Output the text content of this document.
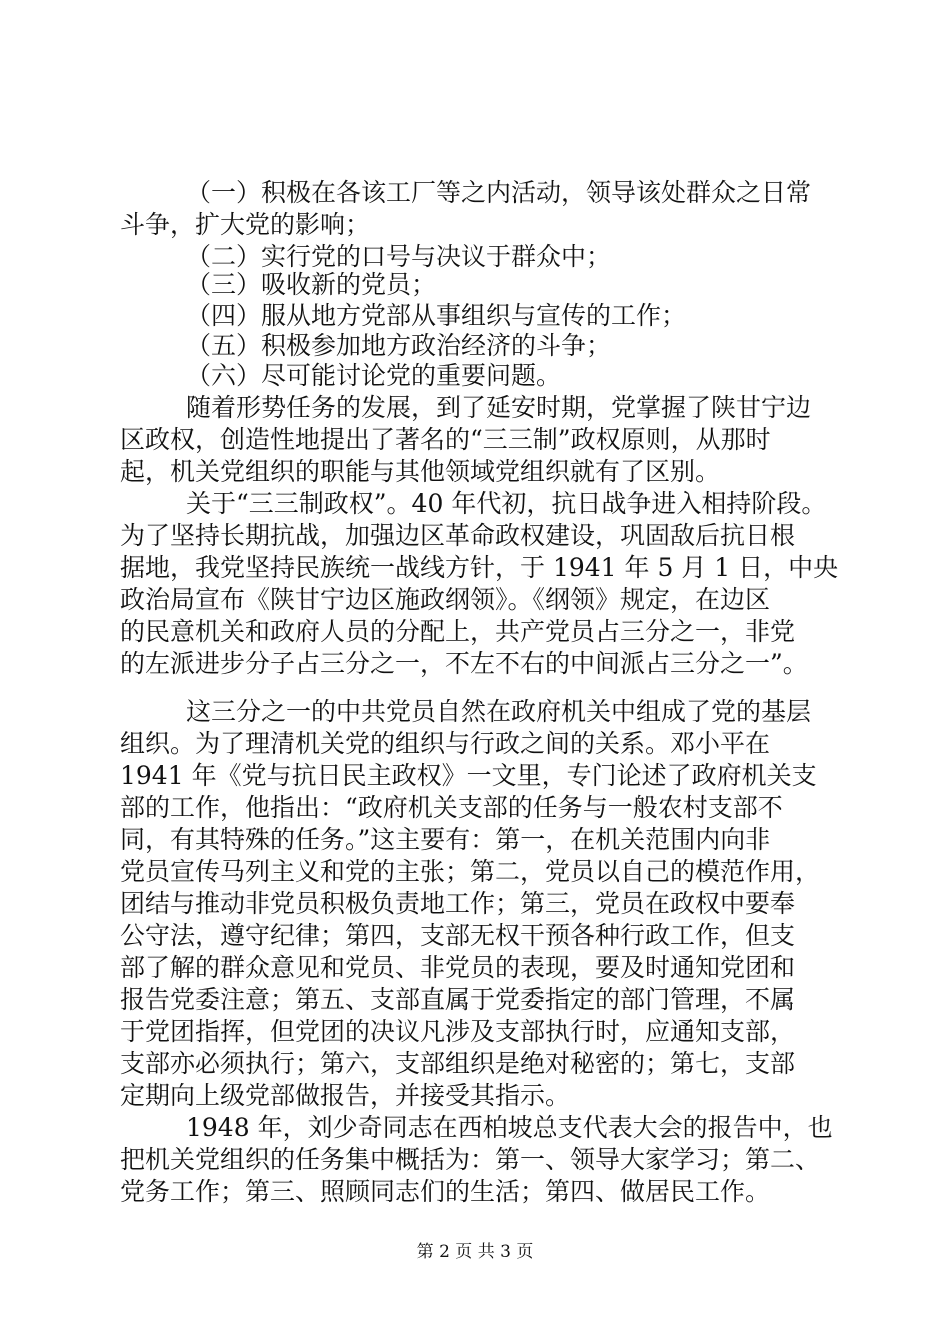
（一）积极在各该工厂等之内活动，领导该处群众之日常
斗争，扩大党的影响；
（二）实行党的口号与决议于群众中；
（三）吸收新的党员；
（四）服从地方党部从事组织与宣传的工作；
（五）积极参加地方政治经济的斗争；
（六）尽可能讨论党的重要问题。
随着形势任务的发展，到了延安时期，党掌握了陕甘宁边
区政权，创造性地提出了著名的“三三制”政权原则，从那时
起，机关党组织的职能与其他领域党组织就有了区别。
关于“三三制政权”。40 年代初，抗日战争进入相持阶段。
为了坚持长期抗战，加强边区革命政权建设，巩固敌后抗日根
据地，我党坚持民族统一战线方针，于 1941 年 5 月 1 日，中央
政治局宣布《陕甘宁边区施政纲领》。《纲领》规定，在边区
的民意机关和政府人员的分配上，共产党员占三分之一，非党
的左派进步分子占三分之一，不左不右的中间派占三分之一”。
这三分之一的中共党员自然在政府机关中组成了党的基层
组织。为了理清机关党的组织与行政之间的关系。邓小平在
1941 年《党与抗日民主政权》一文里，专门论述了政府机关支
部的工作，他指出：“政府机关支部的任务与一般农村支部不
同，有其特殊的任务。”这主要有：第一，在机关范围内向非
党员宣传马列主义和党的主张；第二，党员以自己的模范作用，
团结与推动非党员积极负责地工作；第三，党员在政权中要奉
公守法，遵守纪律；第四，支部无权干预各种行政工作，但支
部了解的群众意见和党员、非党员的表现，要及时通知党团和
报告党委注意；第五、支部直属于党委指定的部门管理，不属
于党团指挥，但党团的决议凡涉及支部执行时，应通知支部，
支部亦必须执行；第六，支部组织是绝对秘密的；第七，支部
定期向上级党部做报告，并接受其指示。
1948 年，刘少奇同志在西柏坡总支代表大会的报告中，也
把机关党组织的任务集中概括为：第一、领导大家学习；第二、
党务工作；第三、照顾同志们的生活；第四、做居民工作。
第 2 页 共 3 页
